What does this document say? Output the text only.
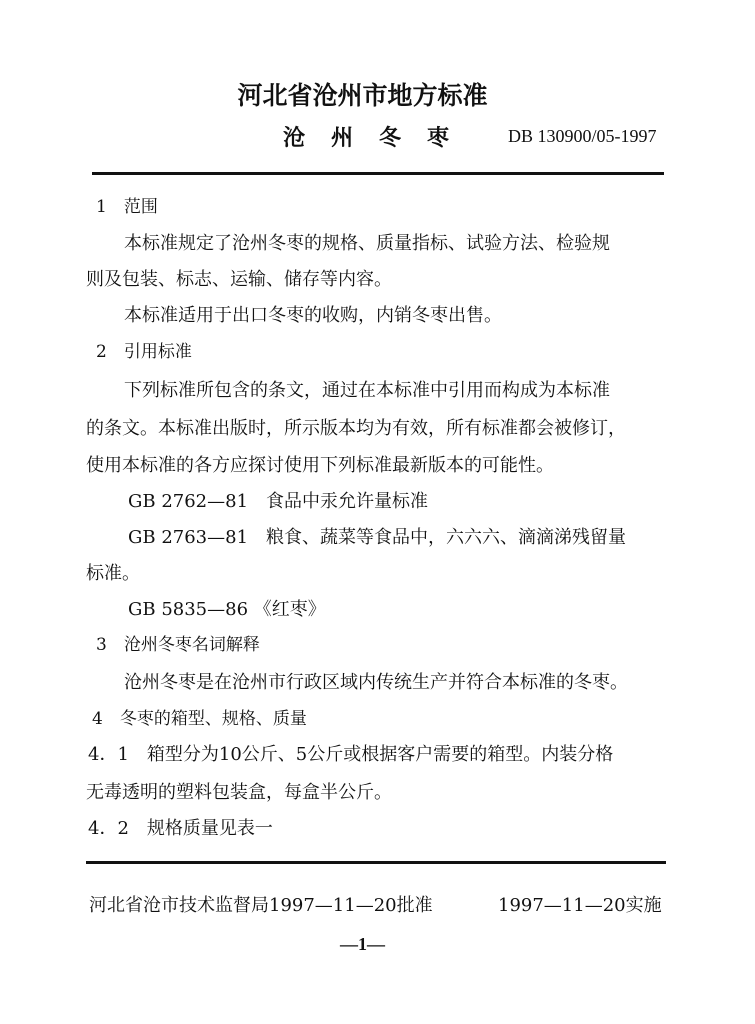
河北省沧州市地方标准
沧州冬枣 DB 130900/05-1997
1　范围
本标准规定了沧州冬枣的规格、质量指标、试验方法、检验规
则及包装、标志、运输、储存等内容。
本标准适用于出口冬枣的收购，内销冬枣出售。
2　引用标准
下列标准所包含的条文，通过在本标准中引用而构成为本标准
的条文。本标准出版时，所示版本均为有效，所有标准都会被修订，
使用本标准的各方应探讨使用下列标准最新版本的可能性。
GB 2762—81　食品中汞允许量标准
GB 2763—81　粮食、蔬菜等食品中，六六六、滴滴涕残留量
标准。
GB 5835—86 《红枣》
3　沧州冬枣名词解释
沧州冬枣是在沧州市行政区域内传统生产并符合本标准的冬枣。
4　冬枣的箱型、规格、质量
4．1　箱型分为10公斤、5公斤或根据客户需要的箱型。内装分格
无毒透明的塑料包装盒，每盒半公斤。
4．2　规格质量见表一
河北省沧市技术监督局1997—11—20批准	1997—11—20实施
—1—
